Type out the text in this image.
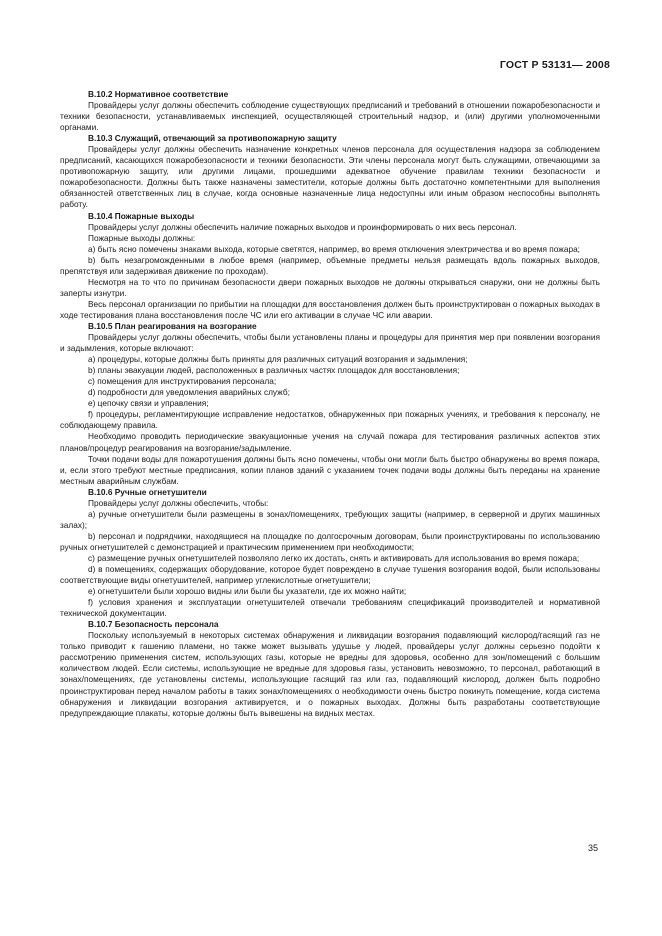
ГОСТ Р 53131— 2008

В.10.2 Нормативное соответствие

Провайдеры услуг должны обеспечить соблюдение существующих предписаний и требований в отношении пожаробезопасности и техники безопасности, устанавливаемых инспекцией, осуществляющей строительный надзор, и (или) другими уполномоченными органами.

В.10.3 Служащий, отвечающий за противопожарную защиту

Провайдеры услуг должны обеспечить назначение конкретных членов персонала для осуществления надзора за соблюдением предписаний, касающихся пожаробезопасности и техники безопасности. Эти члены персонала могут быть служащими, отвечающими за противопожарную защиту, или другими лицами, прошедшими адекватное обучение правилам техники безопасности и пожаробезопасности. Должны быть также назначены заместители, которые должны быть достаточно компетентными для выполнения обязанностей ответственных лиц в случае, когда основные назначенные лица недоступны или иным образом неспособны выполнять работу.

В.10.4 Пожарные выходы

Провайдеры услуг должны обеспечить наличие пожарных выходов и проинформировать о них весь персонал.

Пожарные выходы должны:

a) быть ясно помечены знаками выхода, которые светятся, например, во время отключения электричества и во время пожара;

b) быть незагроможденными в любое время (например, объемные предметы нельзя размещать вдоль пожарных выходов, препятствуя или задерживая движение по проходам).

Несмотря на то что по причинам безопасности двери пожарных выходов не должны открываться снаружи, они не должны быть заперты изнутри.

Весь персонал организации по прибытии на площадки для восстановления должен быть проинструктирован о пожарных выходах в ходе тестирования плана восстановления после ЧС или его активации в случае ЧС или аварии.

В.10.5 План реагирования на возгорание

Провайдеры услуг должны обеспечить, чтобы были установлены планы и процедуры для принятия мер при появлении возгорания и задымления, которые включают:

a) процедуры, которые должны быть приняты для различных ситуаций возгорания и задымления;

b) планы эвакуации людей, расположенных в различных частях площадок для восстановления;

c) помещения для инструктирования персонала;

d) подробности для уведомления аварийных служб;

e) цепочку связи и управления;

f) процедуры, регламентирующие исправление недостатков, обнаруженных при пожарных учениях, и требования к персоналу, не соблюдающему правила.

Необходимо проводить периодические эвакуационные учения на случай пожара для тестирования различных аспектов этих планов/процедур реагирования на возгорание/задымление.

Точки подачи воды для пожаротушения должны быть ясно помечены, чтобы они могли быть быстро обнаружены во время пожара, и, если этого требуют местные предписания, копии планов зданий с указанием точек подачи воды должны быть переданы на хранение местным аварийным службам.

В.10.6 Ручные огнетушители

Провайдеры услуг должны обеспечить, чтобы:

a) ручные огнетушители были размещены в зонах/помещениях, требующих защиты (например, в серверной и других машинных залах);

b) персонал и подрядчики, находящиеся на площадке по долгосрочным договорам, были проинструктированы по использованию ручных огнетушителей с демонстрацией и практическим применением при необходимости;

c) размещение ручных огнетушителей позволяло легко их достать, снять и активировать для использования во время пожара;

d) в помещениях, содержащих оборудование, которое будет повреждено в случае тушения возгорания водой, были использованы соответствующие виды огнетушителей, например углекислотные огнетушители;

e) огнетушители были хорошо видны или были бы указатели, где их можно найти;

f) условия хранения и эксплуатации огнетушителей отвечали требованиям спецификаций производителей и нормативной технической документации.

В.10.7 Безопасность персонала

Поскольку используемый в некоторых системах обнаружения и ликвидации возгорания подавляющий кислород/гасящий газ не только приводит к гашению пламени, но также может вызывать удушье у людей, провайдеры услуг должны серьезно подойти к рассмотрению применения систем, использующих газы, которые не вредны для здоровья, особенно для зон/помещений с большим количеством людей. Если системы, использующие не вредные для здоровья газы, установить невозможно, то персонал, работающий в зонах/помещениях, где установлены системы, использующие гасящий газ или газ, подавляющий кислород, должен быть подробно проинструктирован перед началом работы в таких зонах/помещениях о необходимости очень быстро покинуть помещение, когда система обнаружения и ликвидации возгорания активируется, и о пожарных выходах. Должны быть разработаны соответствующие предупреждающие плакаты, которые должны быть вывешены на видных местах.

35
